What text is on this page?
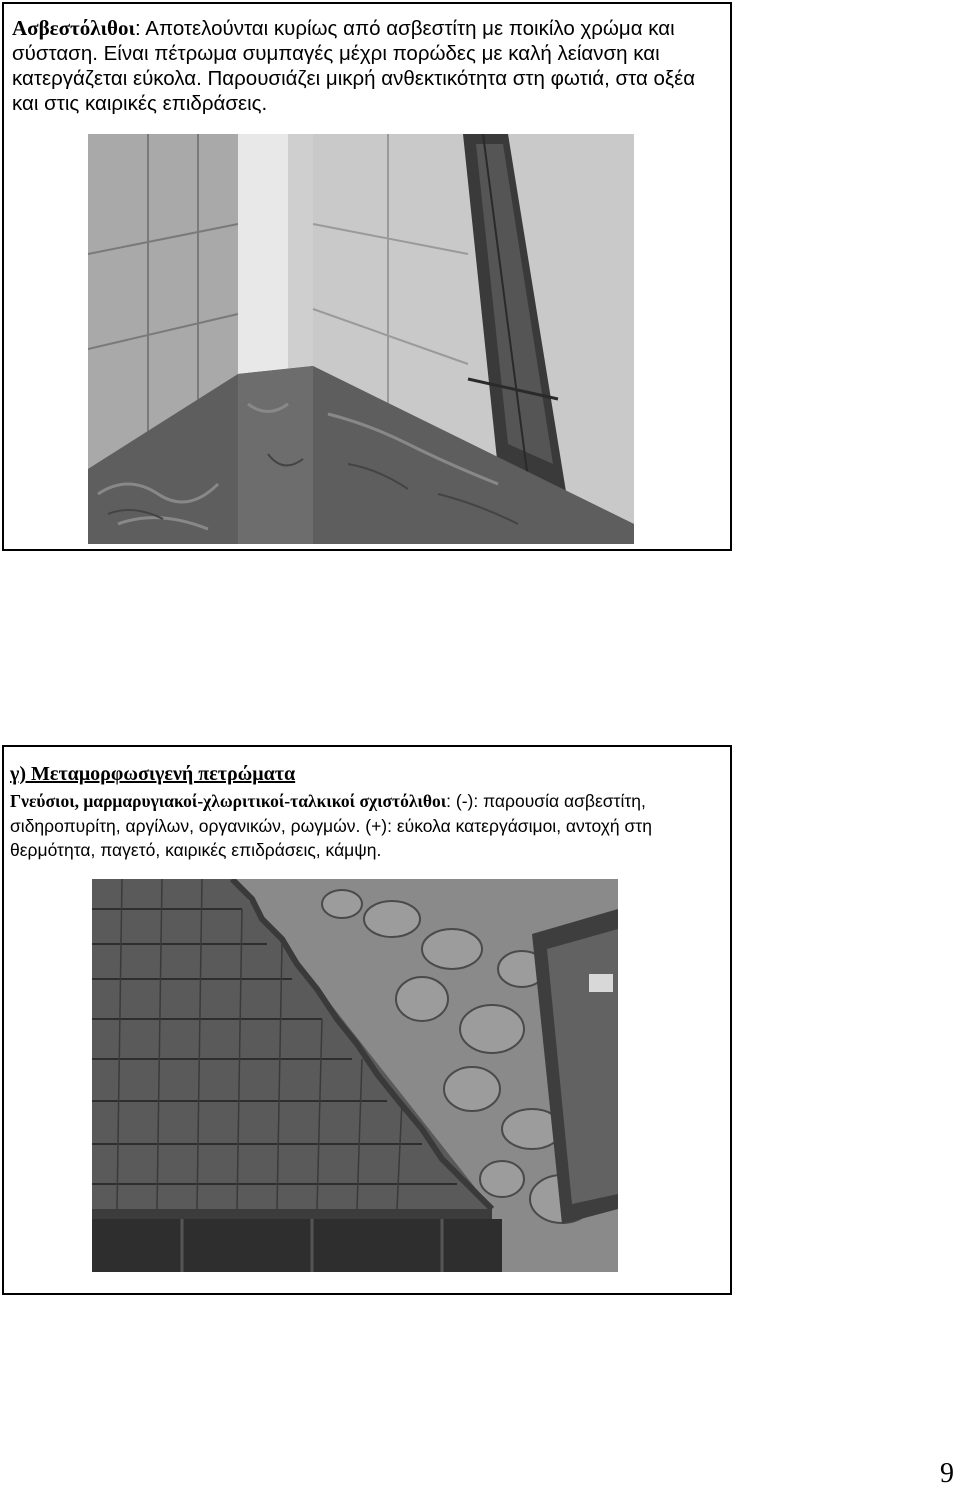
Ασβεστόλιθοι: Αποτελούνται κυρίως από ασβεστίτη με ποικίλο χρώμα και σύσταση. Είναι πέτρωμα συμπαγές μέχρι πορώδες με καλή λείανση και κατεργάζεται εύκολα. Παρουσιάζει μικρή ανθεκτικότητα στη φωτιά, στα οξέα και στις καιρικές επιδράσεις.
γ) Μεταμορφωσιγενή πετρώματα
Γνεύσιοι, μαρμαρυγιακοί-χλωριτικοί-ταλκικοί σχιστόλιθοι: (-): παρουσία ασβεστίτη, σιδηροπυρίτη, αργίλων, οργανικών, ρωγμών. (+): εύκολα κατεργάσιμοι, αντοχή στη θερμότητα, παγετό, καιρικές επιδράσεις, κάμψη.
9
